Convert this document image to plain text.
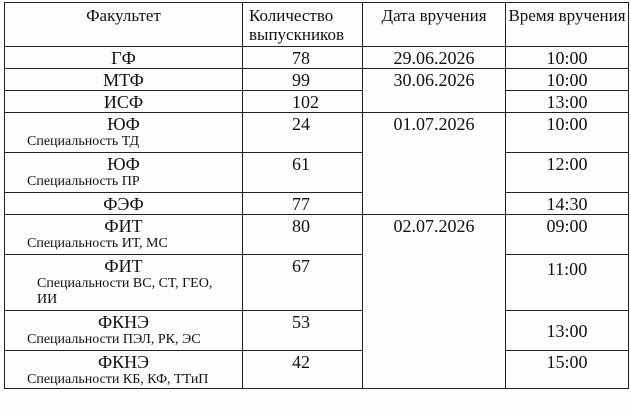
Факультет	Количество выпускников	Дата вручения	Время вручения

ГФ	78	29.06.2026	10:00

МТФ	99	30.06.2026	10:00

ИСФ	102		13:00

ЮФ
Специальность ТД	24	01.07.2026	10:00

ЮФ
Специальность ПР	61		12:00

ФЭФ	77		14:30

ФИТ
Специальность ИТ, МС	80	02.07.2026	09:00

ФИТ
Специальности ВС, СТ, ГЕО, ИИ	67		11:00

ФКНЭ
Специальности ПЭЛ, РК, ЭС	53		13:00

ФКНЭ
Специальности КБ, КФ, ТТиП	42		15:00
